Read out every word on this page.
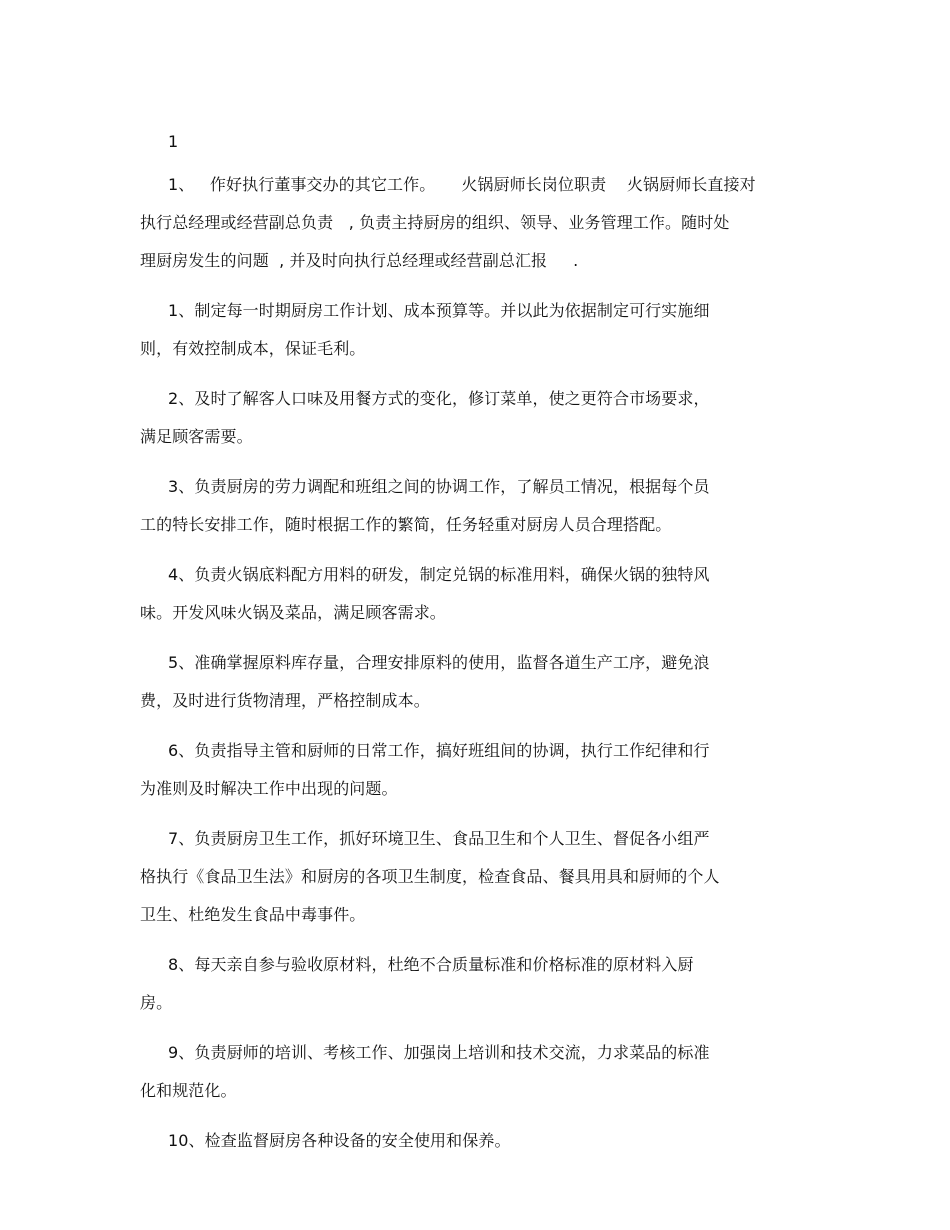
1
1、   作好执行董事交办的其它工作。     火锅厨师长岗位职责    火锅厨师长直接对
执行总经理或经营副总负责   , 负责主持厨房的组织、领导、业务管理工作。随时处
理厨房发生的问题  , 并及时向执行总经理或经营副总汇报     .
1、制定每一时期厨房工作计划、成本预算等。并以此为依据制定可行实施细
则，有效控制成本，保证毛利。
2、及时了解客人口味及用餐方式的变化，修订菜单，使之更符合市场要求，
满足顾客需要。
3、负责厨房的劳力调配和班组之间的协调工作，了解员工情况，根据每个员
工的特长安排工作，随时根据工作的繁简，任务轻重对厨房人员合理搭配。
4、负责火锅底料配方用料的研发，制定兑锅的标准用料，确保火锅的独特风
味。开发风味火锅及菜品，满足顾客需求。
5、准确掌握原料库存量，合理安排原料的使用，监督各道生产工序，避免浪
费，及时进行货物清理，严格控制成本。
6、负责指导主管和厨师的日常工作，搞好班组间的协调，执行工作纪律和行
为准则及时解决工作中出现的问题。
7、负责厨房卫生工作，抓好环境卫生、食品卫生和个人卫生、督促各小组严
格执行《食品卫生法》和厨房的各项卫生制度，检查食品、餐具用具和厨师的个人
卫生、杜绝发生食品中毒事件。
8、每天亲自参与验收原材料，杜绝不合质量标准和价格标准的原材料入厨
房。
9、负责厨师的培训、考核工作、加强岗上培训和技术交流，力求菜品的标准
化和规范化。
10、检查监督厨房各种设备的安全使用和保养。
